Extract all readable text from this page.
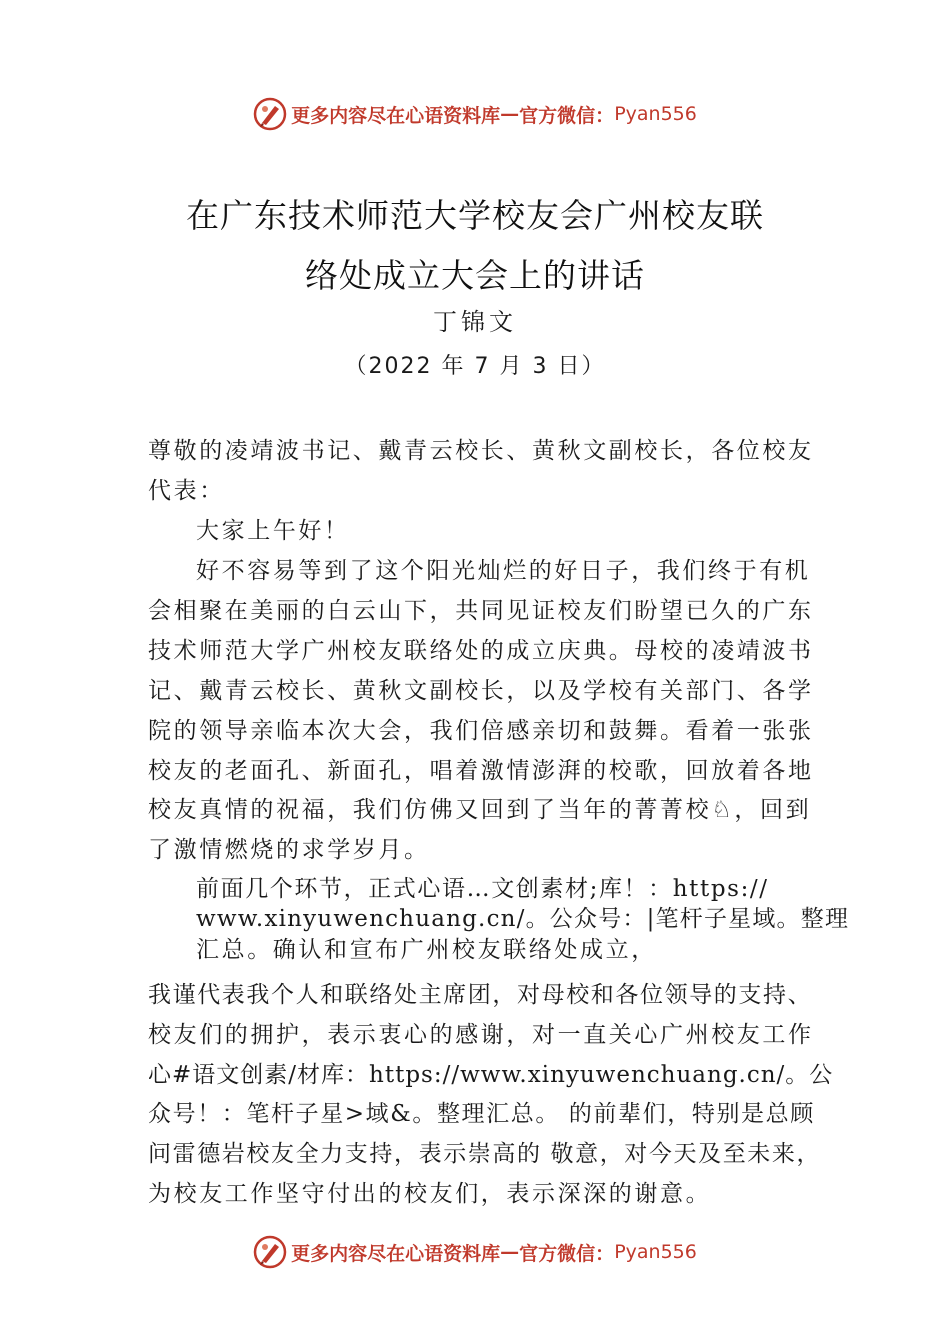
更多内容尽在心语资料库 — 官方微信： Pyan556
在广东技术师范大学校友会广州校友联
络处成立大会上的讲话
丁锦文
（2022 年 7 月 3 日）
尊敬的凌靖波书记、戴青云校长、黄秋文副校长，各位校友
代表：
大家上午好！
好不容易等到了这个阳光灿烂的好日子，我们终于有机
会相聚在美丽的白云山下，共同见证校友们盼望已久的广东
技术师范大学广州校友联络处的成立庆典。母校的凌靖波书
记、戴青云校长、黄秋文副校长，以及学校有关部门、各学
院的领导亲临本次大会，我们倍感亲切和鼓舞。看着一张张
校友的老面孔、新面孔，唱着激情澎湃的校歌，回放着各地
校友真情的祝福，我们仿佛又回到了当年的菁菁校♘，回到
了激情燃烧的求学岁月。
前面几个环节，正式心语…文创素材;库！：https://
www.xinyuwenchuang.cn/。公众号：|笔杆子星域。整理
汇总。确认和宣布广州校友联络处成立，
我谨代表我个人和联络处主席团，对母校和各位领导的支持、
校友们的拥护，表示衷心的感谢，对一直关心广州校友工作
心#语文创素/材库：https://www.xinyuwenchuang.cn/。公
众号！：笔杆子星>域&。整理汇总。 的前辈们，特别是总顾
问雷德岩校友全力支持，表示崇高的 敬意，对今天及至未来，
为校友工作坚守付出的校友们，表示深深的谢意。
更多内容尽在心语资料库 — 官方微信： Pyan556
